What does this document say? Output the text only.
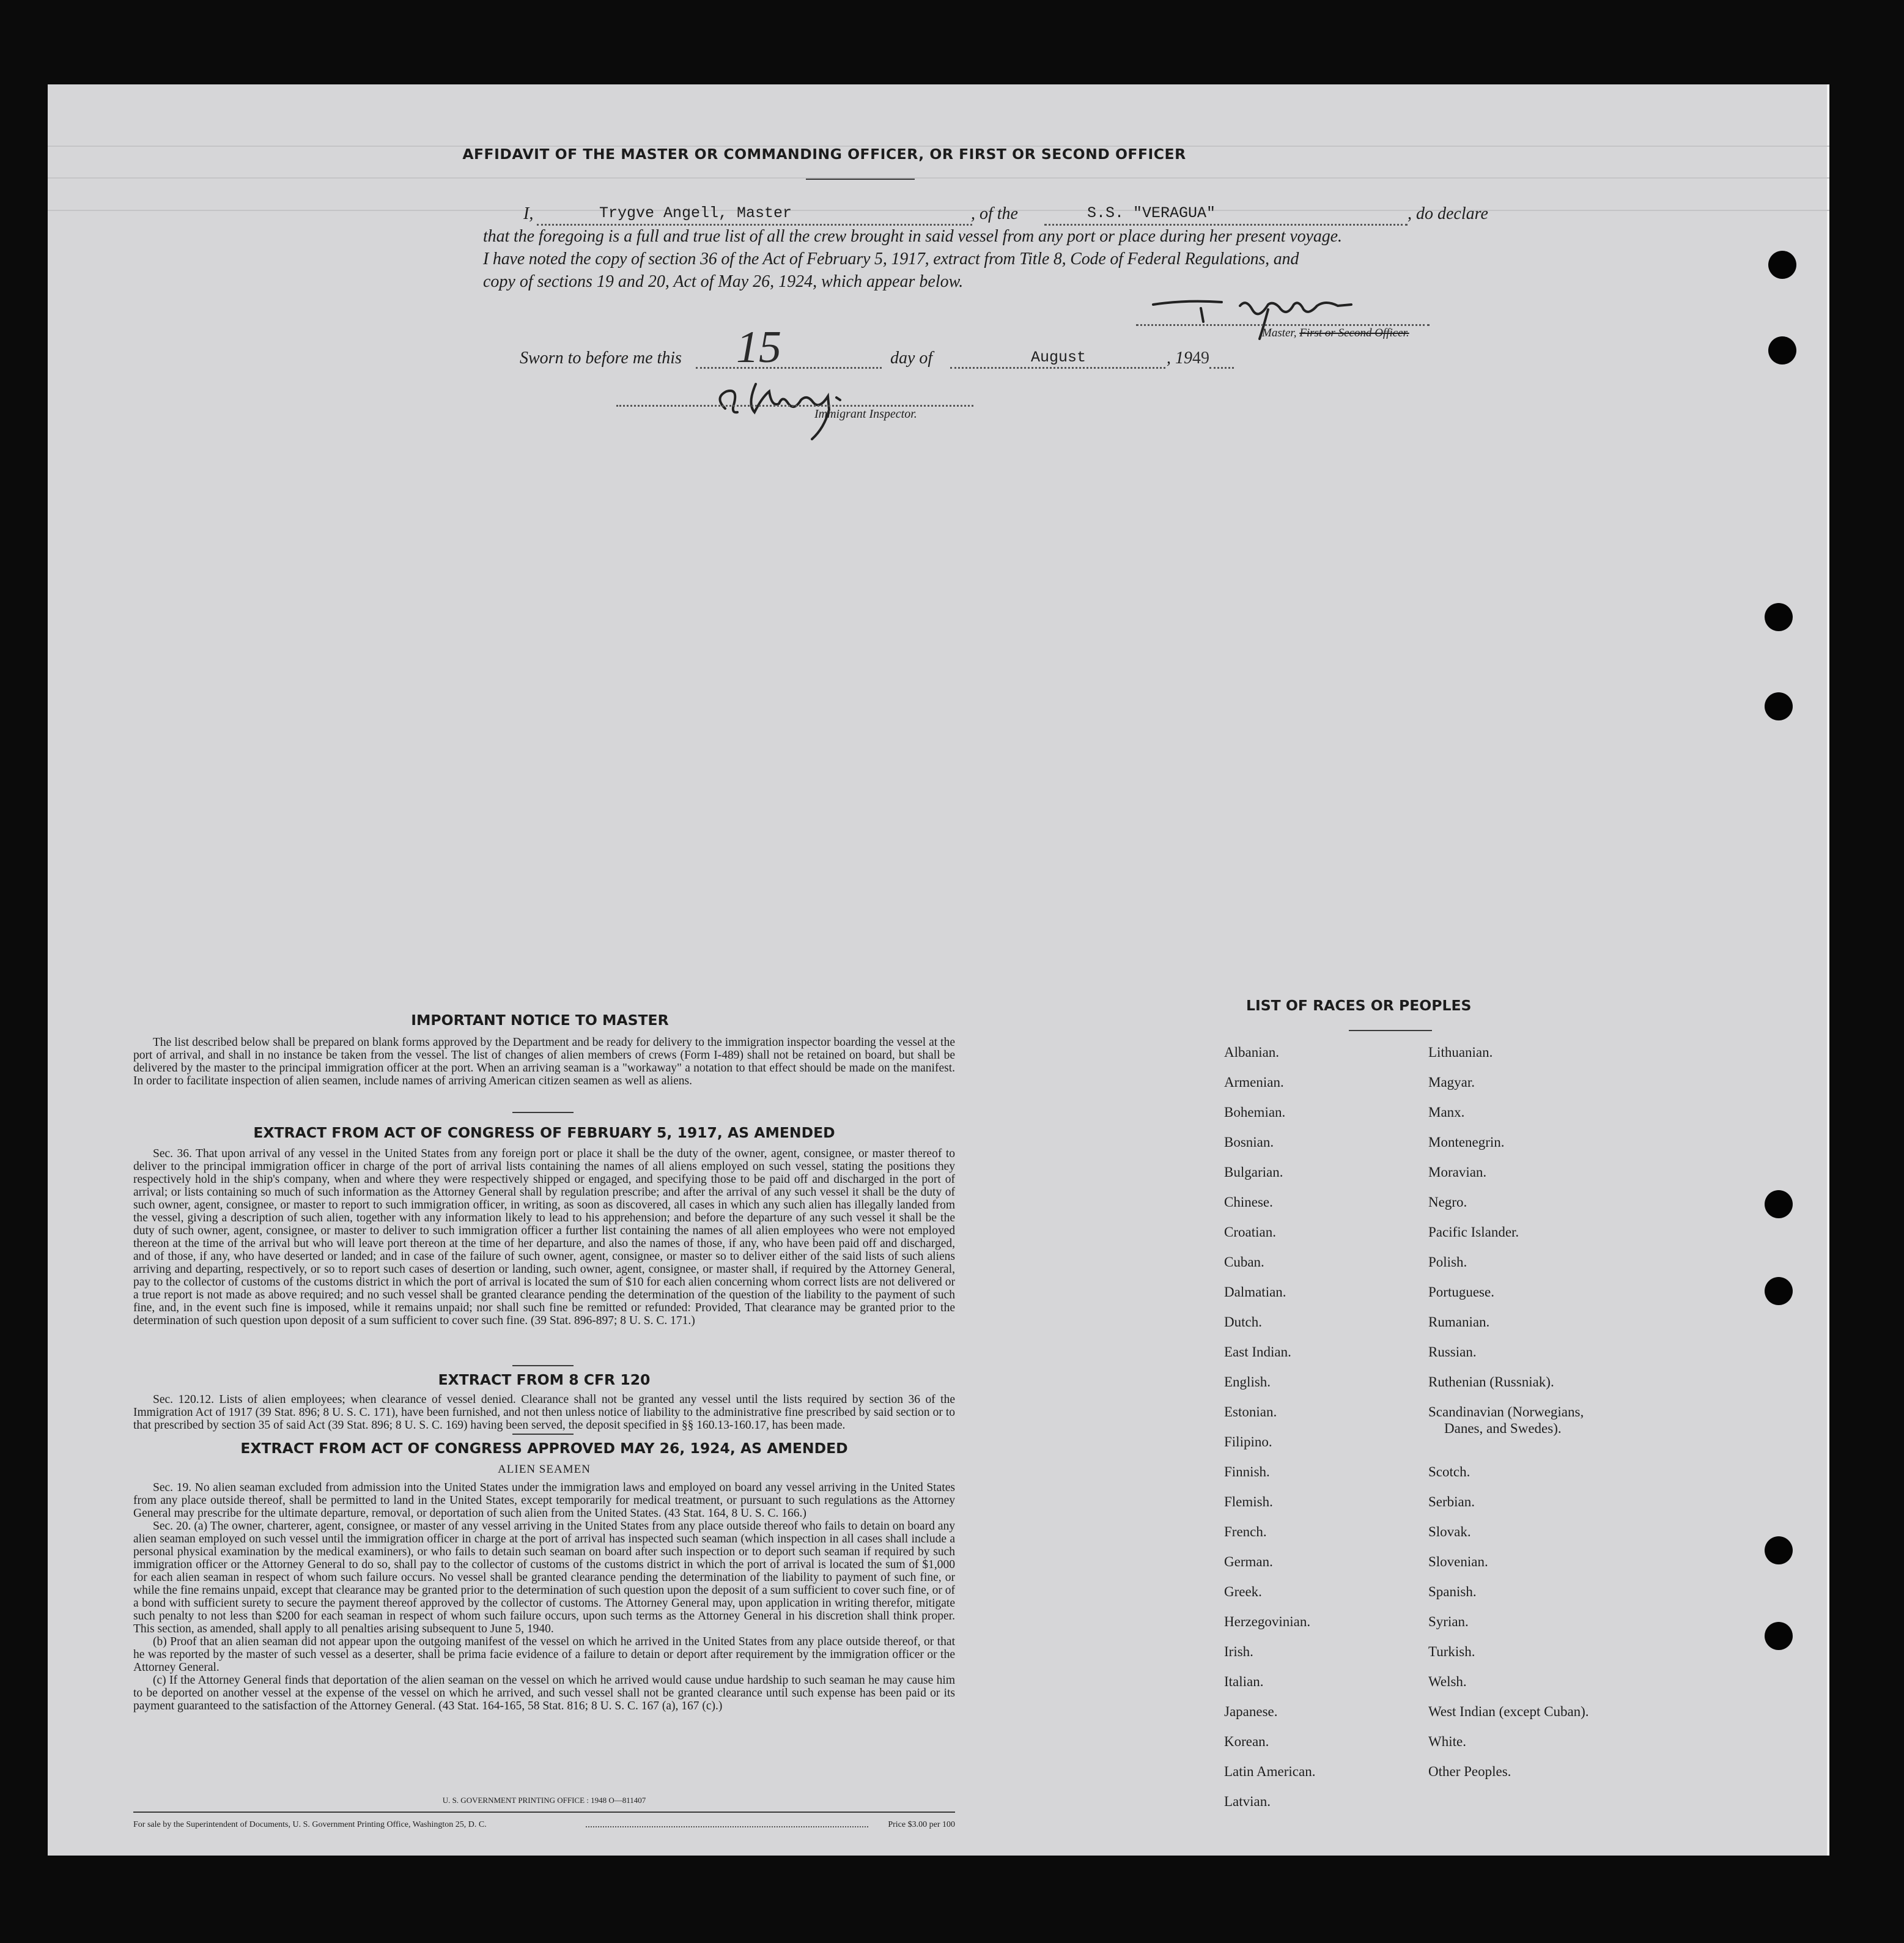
AFFIDAVIT OF THE MASTER OR COMMANDING OFFICER, OR FIRST OR SECOND OFFICER
I,	Trygve Angell, Master	, of the	S.S. "VERAGUA"	, do declare
that the foregoing is a full and true list of all the crew brought in said vessel from any port or place during her present voyage.
I have noted the copy of section 36 of the Act of February 5, 1917, extract from Title 8, Code of Federal Regulations, and
copy of sections 19 and 20, Act of May 26, 1924, which appear below.
Master, First or Second Officer.
Sworn to before me this 15	day of	August	, 1949
Immigrant Inspector.
IMPORTANT NOTICE TO MASTER
The list described below shall be prepared on blank forms approved by the Department and be ready for delivery to the immigration inspector boarding the vessel at the port of arrival, and shall in no instance be taken from the vessel. The list of changes of alien members of crews (Form I-489) shall not be retained on board, but shall be delivered by the master to the principal immigration officer at the port. When an arriving seaman is a "workaway" a notation to that effect should be made on the manifest. In order to facilitate inspection of alien seamen, include names of arriving American citizen seamen as well as aliens.
EXTRACT FROM ACT OF CONGRESS OF FEBRUARY 5, 1917, AS AMENDED
Sec. 36. That upon arrival of any vessel in the United States from any foreign port or place it shall be the duty of the owner, agent, consignee, or master thereof to deliver to the principal immigration officer in charge of the port of arrival lists containing the names of all aliens employed on such vessel, stating the positions they respectively hold in the ship's company, when and where they were respectively shipped or engaged, and specifying those to be paid off and discharged in the port of arrival; or lists containing so much of such information as the Attorney General shall by regulation prescribe; and after the arrival of any such vessel it shall be the duty of such owner, agent, consignee, or master to report to such immigration officer, in writing, as soon as discovered, all cases in which any such alien has illegally landed from the vessel, giving a description of such alien, together with any information likely to lead to his apprehension; and before the departure of any such vessel it shall be the duty of such owner, agent, consignee, or master to deliver to such immigration officer a further list containing the names of all alien employees who were not employed thereon at the time of the arrival but who will leave port thereon at the time of her departure, and also the names of those, if any, who have been paid off and discharged, and of those, if any, who have deserted or landed; and in case of the failure of such owner, agent, consignee, or master so to deliver either of the said lists of such aliens arriving and departing, respectively, or so to report such cases of desertion or landing, such owner, agent, consignee, or master shall, if required by the Attorney General, pay to the collector of customs of the customs district in which the port of arrival is located the sum of $10 for each alien concerning whom correct lists are not delivered or a true report is not made as above required; and no such vessel shall be granted clearance pending the determination of the question of the liability to the payment of such fine, and, in the event such fine is imposed, while it remains unpaid; nor shall such fine be remitted or refunded: Provided, That clearance may be granted prior to the determination of such question upon deposit of a sum sufficient to cover such fine. (39 Stat. 896-897; 8 U. S. C. 171.)
EXTRACT FROM 8 CFR 120
Sec. 120.12. Lists of alien employees; when clearance of vessel denied. Clearance shall not be granted any vessel until the lists required by section 36 of the Immigration Act of 1917 (39 Stat. 896; 8 U. S. C. 171), have been furnished, and not then unless notice of liability to the administrative fine prescribed by said section or to that prescribed by section 35 of said Act (39 Stat. 896; 8 U. S. C. 169) having been served, the deposit specified in §§ 160.13-160.17, has been made.
EXTRACT FROM ACT OF CONGRESS APPROVED MAY 26, 1924, AS AMENDED
ALIEN SEAMEN
Sec. 19. No alien seaman excluded from admission into the United States under the immigration laws and employed on board any vessel arriving in the United States from any place outside thereof, shall be permitted to land in the United States, except temporarily for medical treatment, or pursuant to such regulations as the Attorney General may prescribe for the ultimate departure, removal, or deportation of such alien from the United States. (43 Stat. 164, 8 U. S. C. 166.)
Sec. 20. (a) The owner, charterer, agent, consignee, or master of any vessel arriving in the United States from any place outside thereof who fails to detain on board any alien seaman employed on such vessel until the immigration officer in charge at the port of arrival has inspected such seaman (which inspection in all cases shall include a personal physical examination by the medical examiners), or who fails to detain such seaman on board after such inspection or to deport such seaman if required by such immigration officer or the Attorney General to do so, shall pay to the collector of customs of the customs district in which the port of arrival is located the sum of $1,000 for each alien seaman in respect of whom such failure occurs. No vessel shall be granted clearance pending the determination of the liability to payment of such fine, or while the fine remains unpaid, except that clearance may be granted prior to the determination of such question upon the deposit of a sum sufficient to cover such fine, or of a bond with sufficient surety to secure the payment thereof approved by the collector of customs. The Attorney General may, upon application in writing therefor, mitigate such penalty to not less than $200 for each seaman in respect of whom such failure occurs, upon such terms as the Attorney General in his discretion shall think proper. This section, as amended, shall apply to all penalties arising subsequent to June 5, 1940.
(b) Proof that an alien seaman did not appear upon the outgoing manifest of the vessel on which he arrived in the United States from any place outside thereof, or that he was reported by the master of such vessel as a deserter, shall be prima facie evidence of a failure to detain or deport after requirement by the immigration officer or the Attorney General.
(c) If the Attorney General finds that deportation of the alien seaman on the vessel on which he arrived would cause undue hardship to such seaman he may cause him to be deported on another vessel at the expense of the vessel on which he arrived, and such vessel shall not be granted clearance until such expense has been paid or its payment guaranteed to the satisfaction of the Attorney General. (43 Stat. 164-165, 58 Stat. 816; 8 U. S. C. 167 (a), 167 (c).)
U. S. GOVERNMENT PRINTING OFFICE : 1948 O—811407
For sale by the Superintendent of Documents, U. S. Government Printing Office, Washington 25, D. C.	Price $3.00 per 100
LIST OF RACES OR PEOPLES
Albanian.
Armenian.
Bohemian.
Bosnian.
Bulgarian.
Chinese.
Croatian.
Cuban.
Dalmatian.
Dutch.
East Indian.
English.
Estonian.
Filipino.
Finnish.
Flemish.
French.
German.
Greek.
Herzegovinian.
Irish.
Italian.
Japanese.
Korean.
Latin American.
Latvian.
Lithuanian.
Magyar.
Manx.
Montenegrin.
Moravian.
Negro.
Pacific Islander.
Polish.
Portuguese.
Rumanian.
Russian.
Ruthenian (Russniak).
Scandinavian (Norwegians,
Danes, and Swedes).
Scotch.
Serbian.
Slovak.
Slovenian.
Spanish.
Syrian.
Turkish.
Welsh.
West Indian (except Cuban).
White.
Other Peoples.
